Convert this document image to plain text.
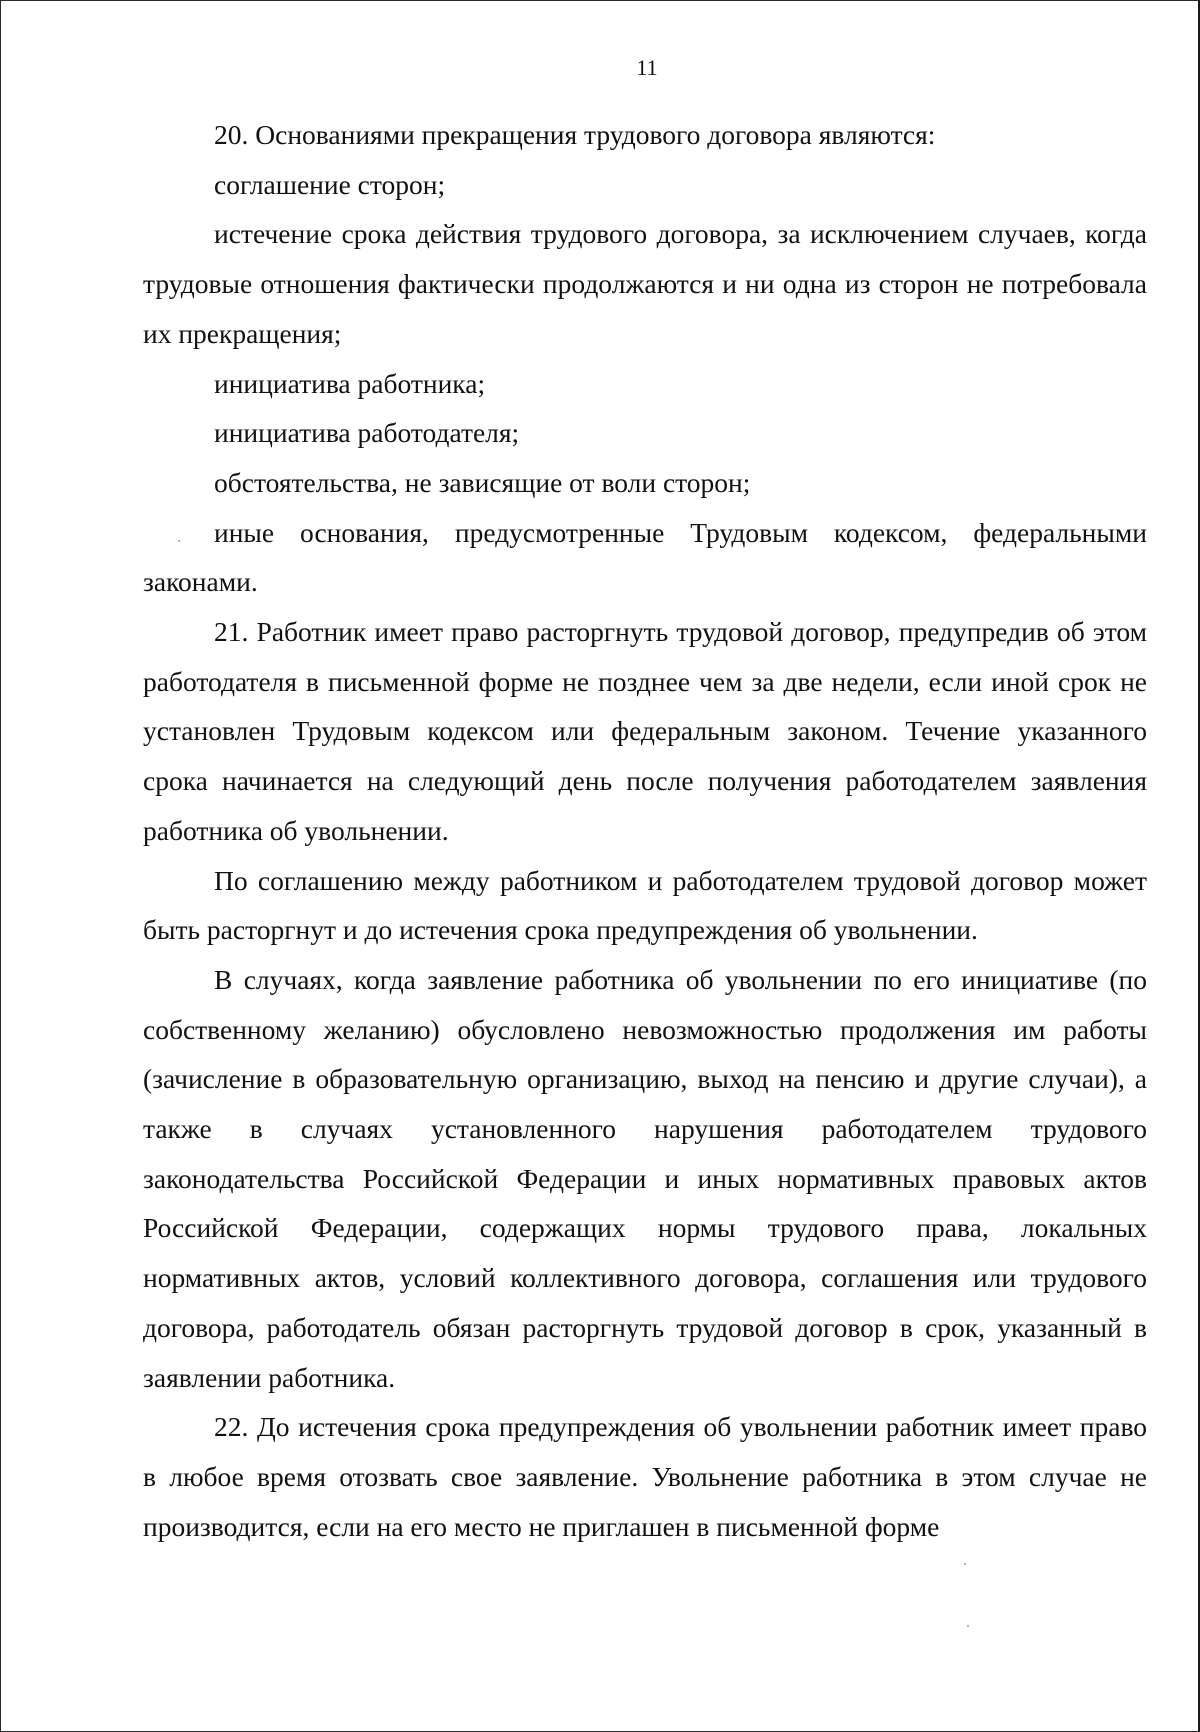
11

20. Основаниями прекращения трудового договора являются:

соглашение сторон;

истечение срока действия трудового договора, за исключением случаев, когда трудовые отношения фактически продолжаются и ни одна из сторон не потребовала их прекращения;

инициатива работника;

инициатива работодателя;

обстоятельства, не зависящие от воли сторон;

иные основания, предусмотренные Трудовым кодексом, федеральными законами.

21. Работник имеет право расторгнуть трудовой договор, предупредив об этом работодателя в письменной форме не позднее чем за две недели, если иной срок не установлен Трудовым кодексом или федеральным законом. Течение указанного срока начинается на следующий день после получения работодателем заявления работника об увольнении.

По соглашению между работником и работодателем трудовой договор может быть расторгнут и до истечения срока предупреждения об увольнении.

В случаях, когда заявление работника об увольнении по его инициативе (по собственному желанию) обусловлено невозможностью продолжения им работы (зачисление в образовательную организацию, выход на пенсию и другие случаи), а также в случаях установленного нарушения работодателем трудового законодательства Российской Федерации и иных нормативных правовых актов Российской Федерации, содержащих нормы трудового права, локальных нормативных актов, условий коллективного договора, соглашения или трудового договора, работодатель обязан расторгнуть трудовой договор в срок, указанный в заявлении работника.

22. До истечения срока предупреждения об увольнении работник имеет право в любое время отозвать свое заявление. Увольнение работника в этом случае не производится, если на его место не приглашен в письменной форме
